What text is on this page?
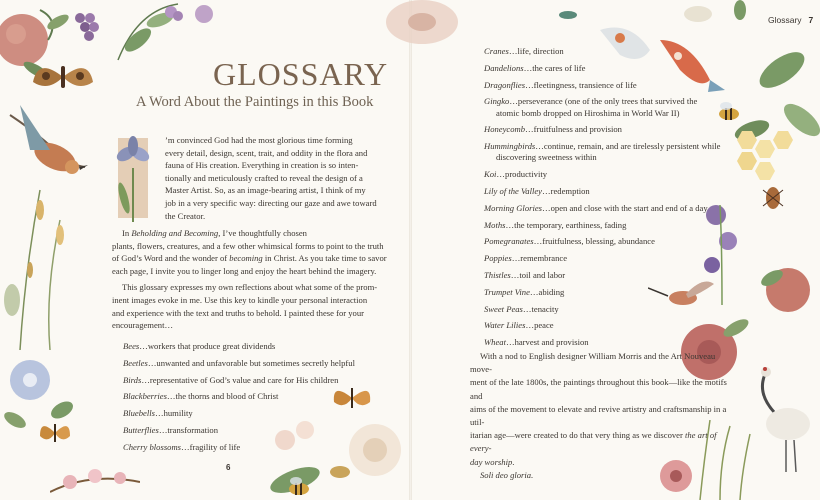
GLOSSARY
A Word About the Paintings in this Book
’m convinced God had the most glorious time forming
every detail, design, scent, trait, and oddity in the flora and
fauna of His creation. Everything in creation is so inten-
tionally and meticulously crafted to reveal the design of a
Master Artist. So, as an image-bearing artist, I think of my
job in a very specific way: directing our gaze and awe toward
the Creator.
In Beholding and Becoming, I’ve thoughtfully chosen
plants, flowers, creatures, and a few other whimsical forms to point to the truth
of God’s Word and the wonder of becoming in Christ. As you take time to savor
each page, I invite you to linger long and enjoy the heart behind the imagery.
This glossary expresses my own reflections about what some of the prom-
inent images evoke in me. Use this key to kindle your personal interaction
and experience with the text and truths to behold. I painted these for your
encouragement…
Bees…workers that produce great dividends
Beetles…unwanted and unfavorable but sometimes secretly helpful
Birds…representative of God’s value and care for His children
Blackberries…the thorns and blood of Christ
Bluebells…humility
Butterflies…transformation
Cherry blossoms…fragility of life
6
Glossary 7
Cranes…life, direction
Dandelions…the cares of life
Dragonflies…fleetingness, transience of life
Gingko…perseverance (one of the only trees that survived the
atomic bomb dropped on Hiroshima in World War II)
Honeycomb…fruitfulness and provision
Hummingbirds…continue, remain, and are tirelessly persistent while
discovering sweetness within
Koi…productivity
Lily of the Valley…redemption
Morning Glories…open and close with the start and end of a day
Moths…the temporary, earthiness, fading
Pomegranates…fruitfulness, blessing, abundance
Poppies…remembrance
Thistles…toil and labor
Trumpet Vine…abiding
Sweet Peas…tenacity
Water Lilies…peace
Wheat…harvest and provision
With a nod to English designer William Morris and the Art Nouveau move-
ment of the late 1800s, the paintings throughout this book—like the motifs and
aims of the movement to elevate and revive artistry and craftsmanship in a util-
itarian age—were created to do that very thing as we discover the art of every-
day worship.
Soli deo gloria.
